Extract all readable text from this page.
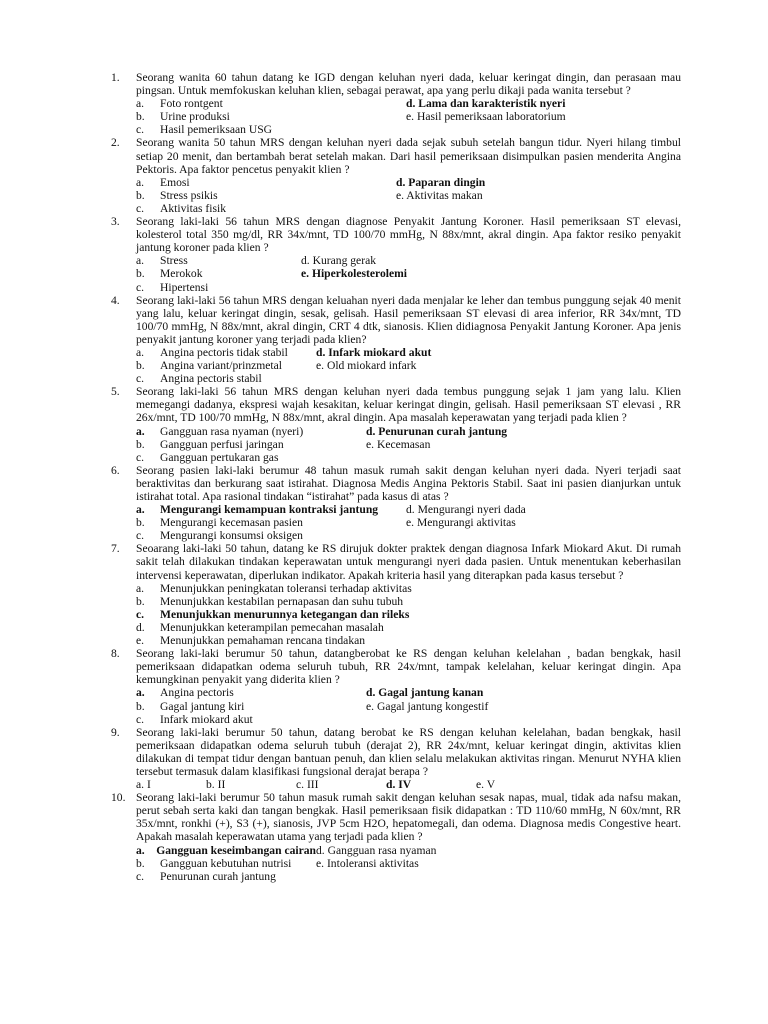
1. Seorang wanita 60 tahun datang ke IGD dengan keluhan nyeri dada, keluar keringat dingin, dan perasaan mau pingsan. Untuk memfokuskan keluhan klien, sebagai perawat, apa yang perlu dikaji pada wanita tersebut ?
a.	Foto rontgent	d. Lama dan karakteristik nyeri
b.	Urine produksi	e. Hasil pemeriksaan laboratorium
c.	Hasil pemeriksaan USG
2. Seorang wanita 50 tahun MRS dengan keluhan nyeri dada sejak subuh setelah bangun tidur. Nyeri hilang timbul setiap 20 menit, dan bertambah berat setelah makan. Dari hasil pemeriksaan disimpulkan pasien menderita Angina Pektoris. Apa faktor pencetus penyakit klien ?
a.	Emosi	d. Paparan dingin
b.	Stress psikis	e. Aktivitas makan
c.	Aktivitas fisik
3. Seorang laki-laki 56 tahun MRS dengan diagnose Penyakit Jantung Koroner. Hasil pemeriksaan ST elevasi, kolesterol total 350 mg/dl, RR 34x/mnt, TD 100/70 mmHg, N 88x/mnt, akral dingin. Apa faktor resiko penyakit jantung koroner pada klien ?
a.	Stress	d. Kurang gerak
b.	Merokok	e. Hiperkolesterolemi
c.	Hipertensi
4. Seorang laki-laki 56 tahun MRS dengan keluahan nyeri dada menjalar ke leher dan tembus punggung sejak 40 menit yang lalu, keluar keringat dingin, sesak, gelisah. Hasil pemeriksaan ST elevasi di area inferior, RR 34x/mnt, TD 100/70 mmHg, N 88x/mnt, akral dingin, CRT 4 dtk, sianosis. Klien didiagnosa Penyakit Jantung Koroner. Apa jenis penyakit jantung koroner yang terjadi pada klien?
a.	Angina pectoris tidak stabil d. Infark miokard akut
b.	Angina variant/prinzmetal	e. Old miokard infark
c.	Angina pectoris stabil
5. Seorang laki-laki 56 tahun MRS dengan keluhan nyeri dada tembus punggung sejak 1 jam yang lalu. Klien memegangi dadanya, ekspresi wajah kesakitan, keluar keringat dingin, gelisah. Hasil pemeriksaan ST elevasi , RR 26x/mnt, TD 100/70 mmHg, N 88x/mnt, akral dingin. Apa masalah keperawatan yang terjadi pada klien ?
a.	Gangguan rasa nyaman (nyeri)	d. Penurunan curah jantung
b.	Gangguan perfusi jaringan	e. Kecemasan
c.	Gangguan pertukaran gas
6. Seorang pasien laki-laki berumur 48 tahun masuk rumah sakit dengan keluhan nyeri dada. Nyeri terjadi saat beraktivitas dan berkurang saat istirahat. Diagnosa Medis Angina Pektoris Stabil. Saat ini pasien dianjurkan untuk istirahat total. Apa rasional tindakan “istirahat” pada kasus di atas ?
a.	Mengurangi kemampuan kontraksi jantung d. Mengurangi nyeri dada
b.	Mengurangi kecemasan pasien	e. Mengurangi aktivitas
c.	Mengurangi konsumsi oksigen
7. Seoarang laki-laki 50 tahun, datang ke RS dirujuk dokter praktek dengan diagnosa Infark Miokard Akut. Di rumah sakit telah dilakukan tindakan keperawatan untuk mengurangi nyeri dada pasien. Untuk menentukan keberhasilan intervensi keperawatan, diperlukan indikator. Apakah kriteria hasil yang diterapkan pada kasus tersebut ?
a.	Menunjukkan peningkatan toleransi terhadap aktivitas
b.	Menunjukkan kestabilan pernapasan dan suhu tubuh
c.	Menunjukkan menurunnya ketegangan dan rileks
d.	Menunjukkan keterampilan pemecahan masalah
e.	Menunjukkan pemahaman rencana tindakan
8. Seorang laki-laki berumur 50 tahun, datangberobat ke RS dengan keluhan kelelahan , badan bengkak, hasil pemeriksaan didapatkan odema seluruh tubuh, RR 24x/mnt, tampak kelelahan, keluar keringat dingin. Apa kemungkinan penyakit yang diderita klien ?
a.	Angina pectoris	d. Gagal jantung kanan
b.	Gagal jantung kiri	e. Gagal jantung kongestif
c.	Infark miokard akut
9. Seorang laki-laki berumur 50 tahun, datang berobat ke RS dengan keluhan kelelahan, badan bengkak, hasil pemeriksaan didapatkan odema seluruh tubuh (derajat 2), RR 24x/mnt, keluar keringat dingin, aktivitas klien dilakukan di tempat tidur dengan bantuan penuh, dan klien selalu melakukan aktivitas ringan. Menurut NYHA klien tersebut termasuk dalam klasifikasi fungsional derajat berapa ?
a. I	b. II	c. III	d. IV	e. V
10. Seorang laki-laki berumur 50 tahun masuk rumah sakit dengan keluhan sesak napas, mual, tidak ada nafsu makan, perut sebah serta kaki dan tangan bengkak. Hasil pemeriksaan fisik didapatkan : TD 110/60 mmHg, N 60x/mnt, RR 35x/mnt, ronkhi (+), S3 (+), sianosis, JVP 5cm H2O, hepatomegali, dan odema. Diagnosa medis Congestive heart. Apakah masalah keperawatan utama yang terjadi pada klien ?
a. Gangguan keseimbangan cairan d. Gangguan rasa nyaman
b.	Gangguan kebutuhan nutrisi e. Intoleransi aktivitas
c.	Penurunan curah jantung
